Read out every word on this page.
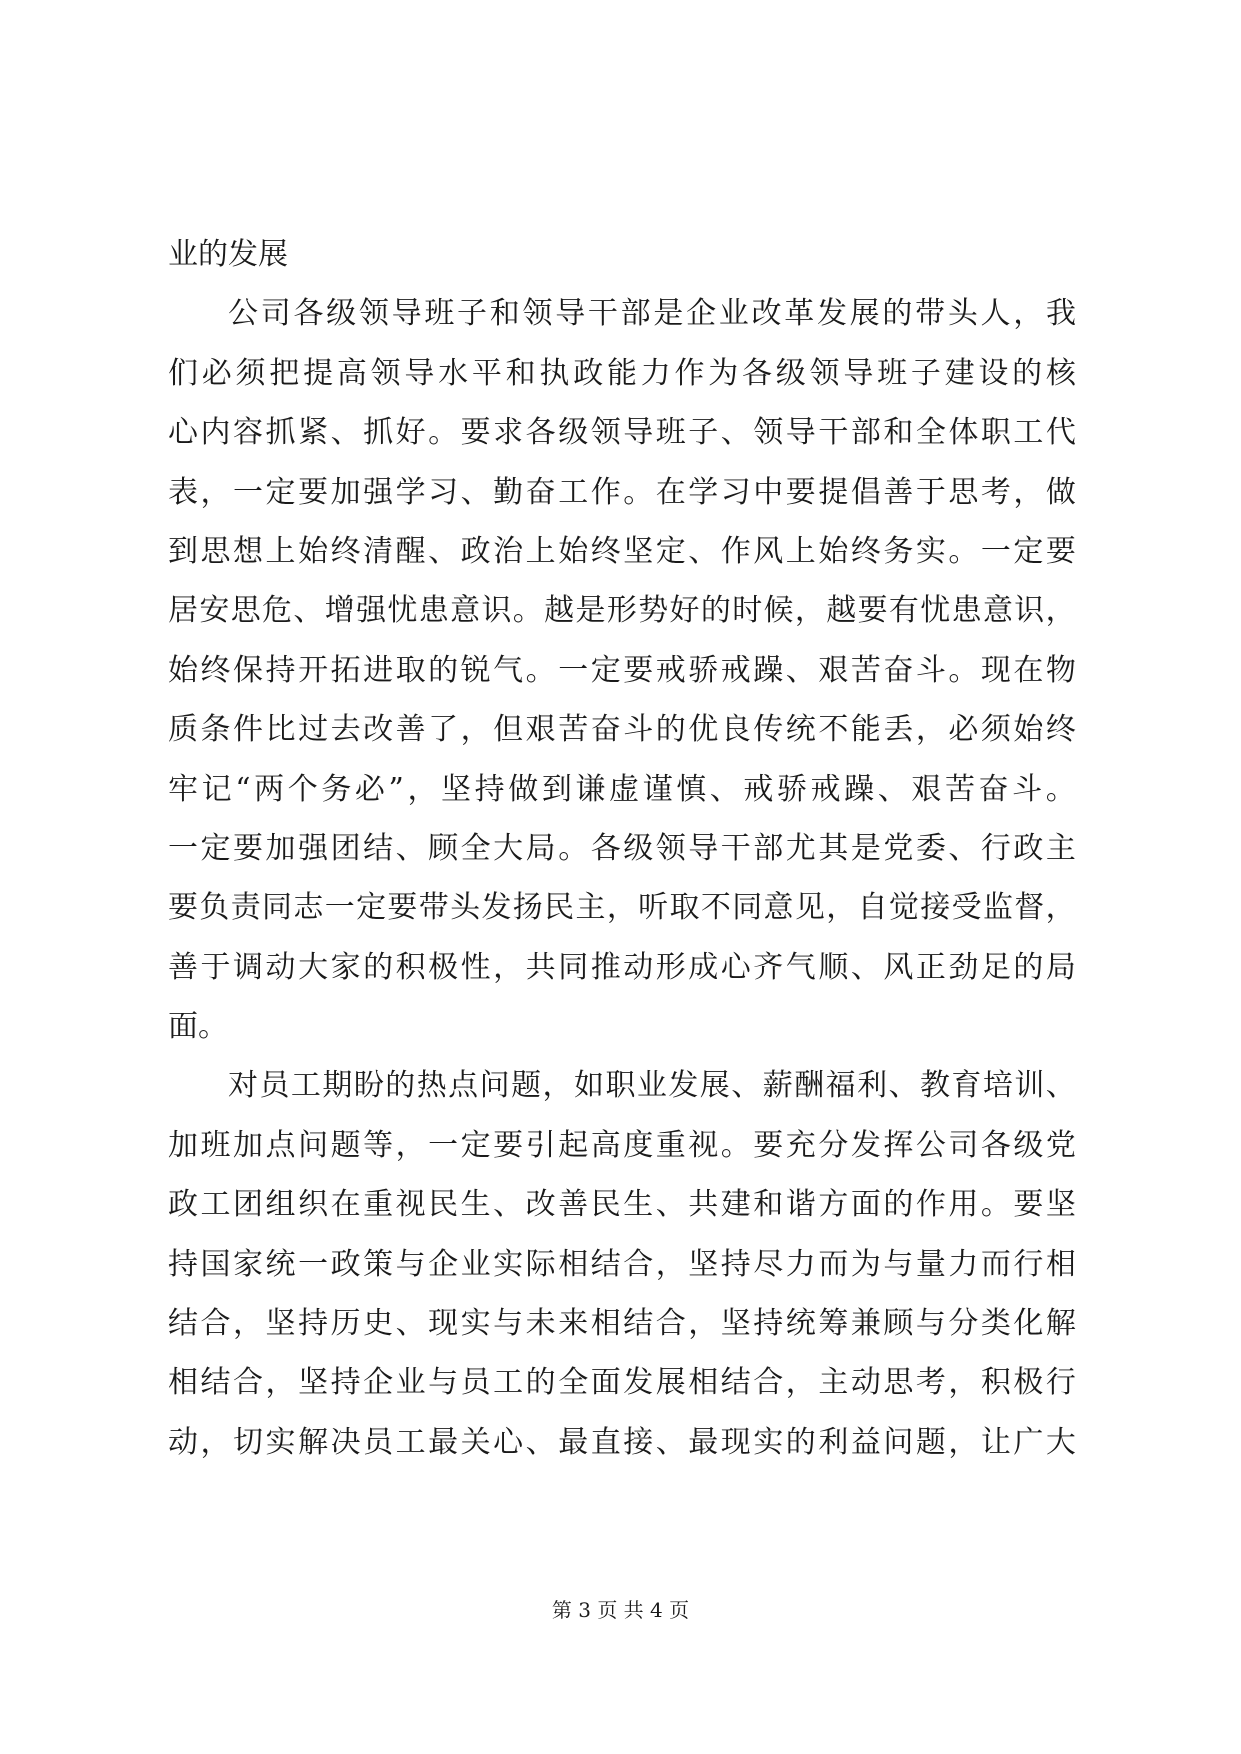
业的发展
公 司 各 级 领 导 班 子 和 领 导 干 部 是 企 业 改 革 发 展 的 带 头 人 ， 我
们 必 须 把 提 高 领 导 水 平 和 执 政 能 力 作 为 各 级 领 导 班 子 建 设 的 核
心 内 容 抓 紧 、 抓 好 。 要 求 各 级 领 导 班 子 、 领 导 干 部 和 全 体 职 工 代
表 ， 一 定 要 加 强 学 习 、 勤 奋 工 作 。 在 学 习 中 要 提 倡 善 于 思 考 ， 做
到 思 想 上 始 终 清 醒 、 政 治 上 始 终 坚 定 、 作 风 上 始 终 务 实 。 一 定 要
居 安 思 危 、 增 强 忧 患 意 识 。 越 是 形 势 好 的 时 候 ， 越 要 有 忧 患 意 识 ，
始 终 保 持 开 拓 进 取 的 锐 气 。 一 定 要 戒 骄 戒 躁 、 艰 苦 奋 斗 。 现 在 物
质 条 件 比 过 去 改 善 了 ， 但 艰 苦 奋 斗 的 优 良 传 统 不 能 丢 ， 必 须 始 终
牢 记 “ 两 个 务 必 ” ， 坚 持 做 到 谦 虚 谨 慎 、 戒 骄 戒 躁 、 艰 苦 奋 斗 。
一 定 要 加 强 团 结 、 顾 全 大 局 。 各 级 领 导 干 部 尤 其 是 党 委 、 行 政 主
要 负 责 同 志 一 定 要 带 头 发 扬 民 主 ， 听 取 不 同 意 见 ， 自 觉 接 受 监 督 ，
善 于 调 动 大 家 的 积 极 性 ， 共 同 推 动 形 成 心 齐 气 顺 、 风 正 劲 足 的 局
面。
对 员 工 期 盼 的 热 点 问 题 ， 如 职 业 发 展 、 薪 酬 福 利 、 教 育 培 训 、
加 班 加 点 问 题 等 ， 一 定 要 引 起 高 度 重 视 。 要 充 分 发 挥 公 司 各 级 党
政 工 团 组 织 在 重 视 民 生 、 改 善 民 生 、 共 建 和 谐 方 面 的 作 用 。 要 坚
持 国 家 统 一 政 策 与 企 业 实 际 相 结 合 ， 坚 持 尽 力 而 为 与 量 力 而 行 相
结 合 ， 坚 持 历 史 、 现 实 与 未 来 相 结 合 ， 坚 持 统 筹 兼 顾 与 分 类 化 解
相 结 合 ， 坚 持 企 业 与 员 工 的 全 面 发 展 相 结 合 ， 主 动 思 考 ， 积 极 行
动 ， 切 实 解 决 员 工 最 关 心 、 最 直 接 、 最 现 实 的 利 益 问 题 ， 让 广 大
第 3 页 共 4 页
